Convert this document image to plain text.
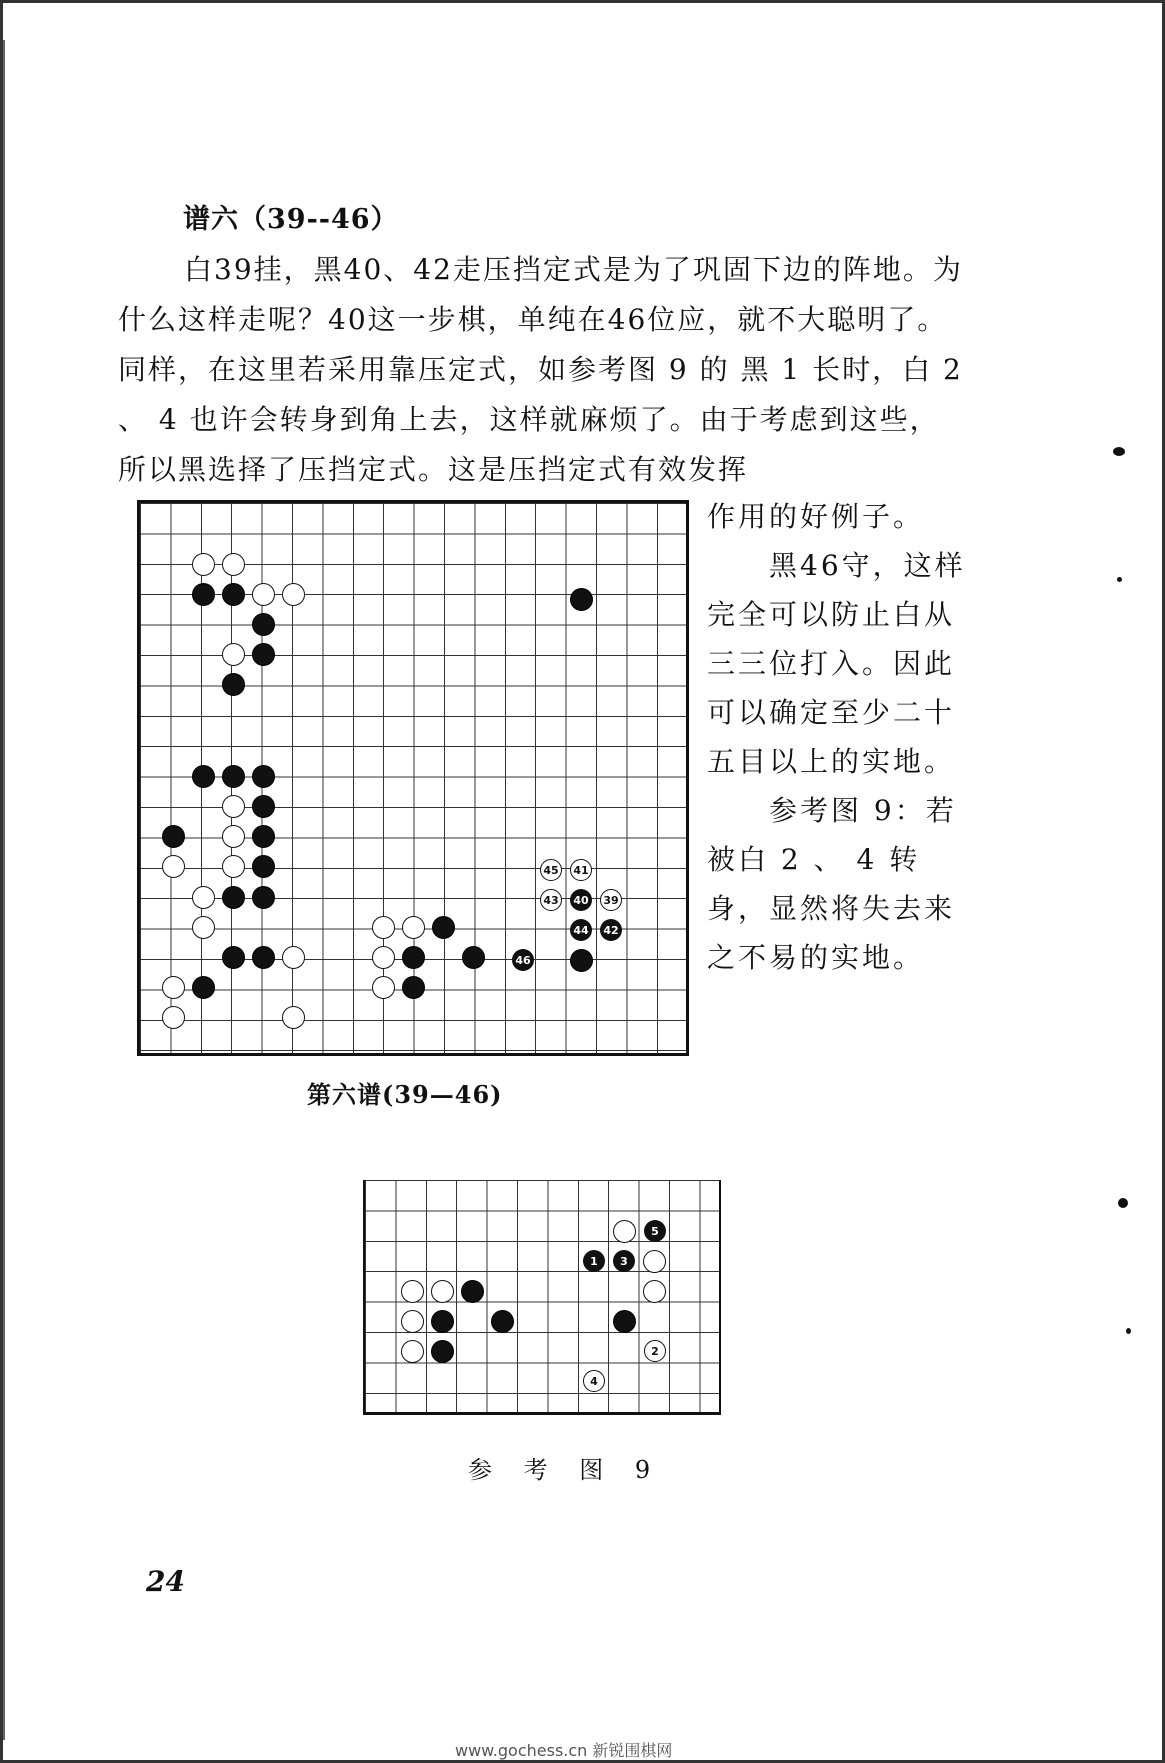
谱六（39--46）

白39挂，黑40、42走压挡定式是为了巩固下边的阵地。为什么这样走呢？40这一步棋，单纯在46位应，就不大聪明了。同样，在这里若采用靠压定式，如参考图 9 的 黑 1 长时，白 2 、 4 也许会转身到角上去，这样就麻烦了。由于考虑到这些，所以黑选择了压挡定式。这是压挡定式有效发挥

作用的好例子。

黑46守，这样完全可以防止白从三三位打入。因此可以确定至少二十五目以上的实地。

参考图 9：若被白 2 、 4 转身，显然将失去来之不易的实地。

45	41
43	40	39
44	42
46
第六谱(39—46)
5
1	3
2
4
参 考 图 9
24
www.gochess.cn 新锐围棋网
